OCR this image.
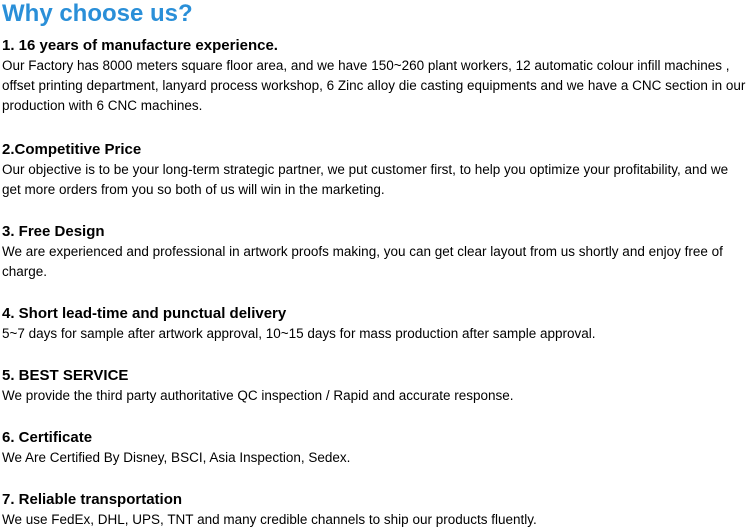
Why choose us?

1. 16 years of manufacture experience.

Our Factory has 8000 meters square floor area, and we have 150~260 plant workers, 12 automatic colour infill machines , offset printing department, lanyard process workshop, 6 Zinc alloy die casting equipments and we have a CNC section in our production with 6 CNC machines.

2.Competitive Price

Our objective is to be your long-term strategic partner, we put customer first, to help you optimize your profitability, and we get more orders from you so both of us will win in the marketing.

3. Free Design

We are experienced and professional in artwork proofs making, you can get clear layout from us shortly and enjoy free of charge.

4. Short lead-time and punctual delivery

5~7 days for sample after artwork approval, 10~15 days for mass production after sample approval.

5. BEST SERVICE

We provide the third party authoritative QC inspection / Rapid and accurate response.

6. Certificate

We Are Certified By Disney, BSCI, Asia Inspection, Sedex.

7. Reliable transportation

We use FedEx, DHL, UPS, TNT and many credible channels to ship our products fluently.
